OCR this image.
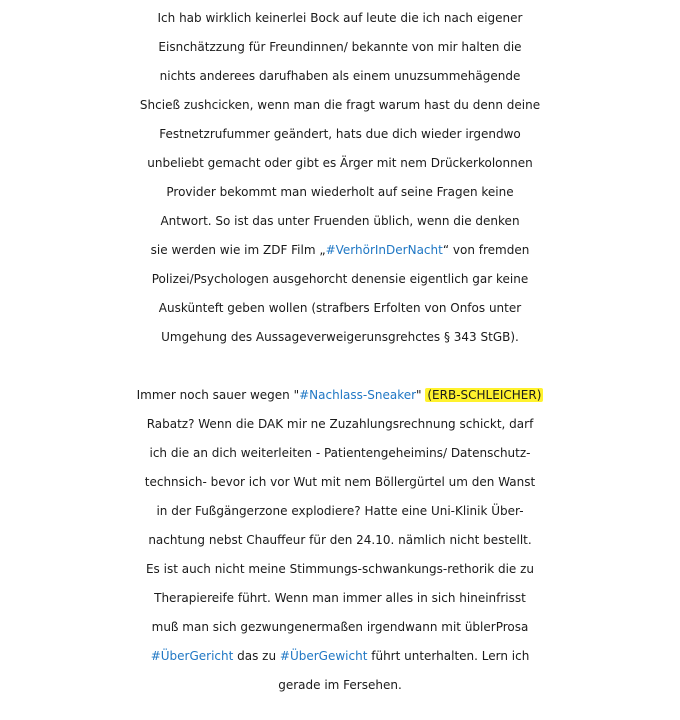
Ich hab wirklich keinerlei Bock auf leute die ich nach eigener
Eisnchätzzung für Freundinnen/ bekannte von mir halten die
nichts anderees darufhaben als einem unuzsummehägende
Shcieß zushcicken, wenn man die fragt warum hast du denn deine
Festnetzrufummer geändert, hats due dich wieder irgendwo
unbeliebt gemacht oder gibt es Ärger mit nem Drückerkolonnen
Provider bekommt man wiederholt auf seine Fragen keine
Antwort. So ist das unter Fruenden üblich, wenn die denken
sie werden wie im ZDF Film „#VerhörInDerNacht“ von fremden
Polizei/Psychologen ausgehorcht denensie eigentlich gar keine
Auskünteft geben wollen (strafbers Erfolten von Onfos unter
Umgehung des Aussageverweigerunsgrehctes § 343 StGB).
Immer noch sauer wegen "#Nachlass-Sneaker" (ERB-SCHLEICHER)
Rabatz? Wenn die DAK mir ne Zuzahlungsrechnung schickt, darf
ich die an dich weiterleiten - Patientengeheimins/ Datenschutz-
technsich- bevor ich vor Wut mit nem Böllergürtel um den Wanst
in der Fußgängerzone explodiere? Hatte eine Uni-Klinik Über-
nachtung nebst Chauffeur für den 24.10. nämlich nicht bestellt.
Es ist auch nicht meine Stimmungs-schwankungs-rethorik die zu
Therapiereife führt. Wenn man immer alles in sich hineinfrisst
muß man sich gezwungenermaßen irgendwann mit üblerProsa
#ÜberGericht das zu #ÜberGewicht führt unterhalten. Lern ich
gerade im Fersehen.
